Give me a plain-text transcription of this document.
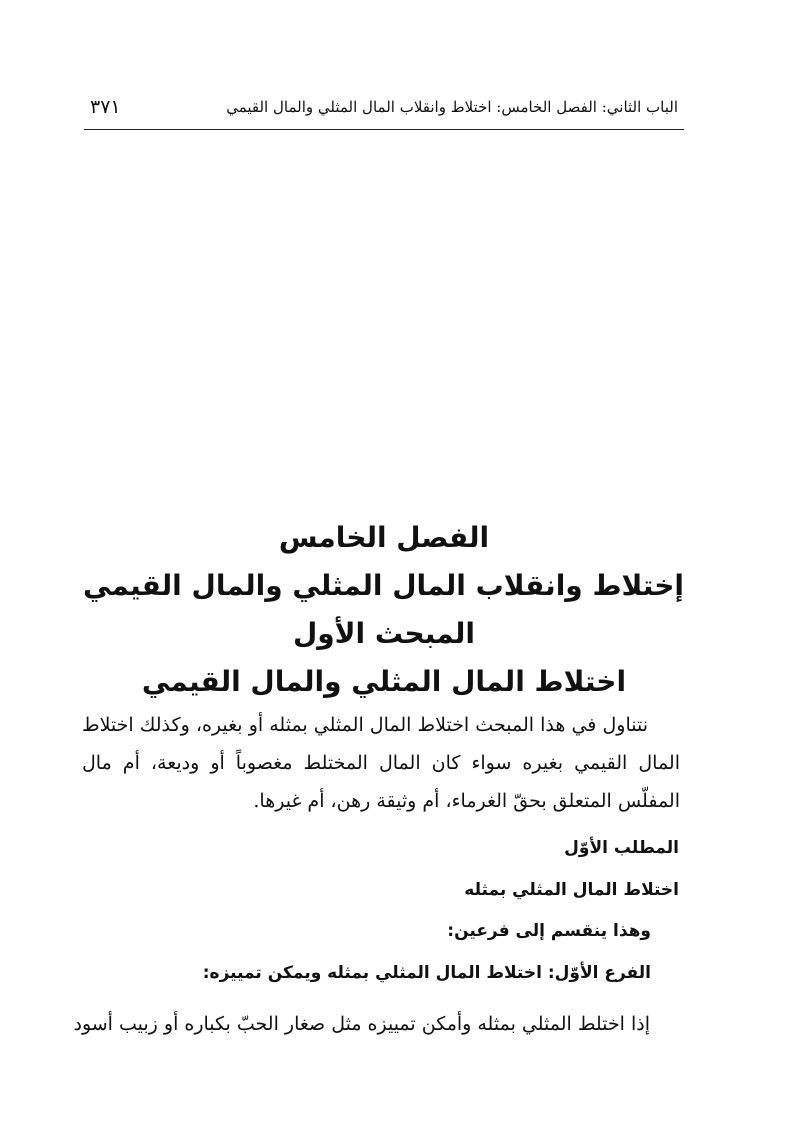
الباب الثاني: الفصل الخامس: اختلاط وانقلاب المال المثلي والمال القيمي
٣٧١
الفصل الخامس
إختلاط وانقلاب المال المثلي والمال القيمي
المبحث الأول
اختلاط المال المثلي والمال القيمي
نتناول في هذا المبحث اختلاط المال المثلي بمثله أو بغيره، وكذلك اختلاط المال القيمي بغيره سواء كان المال المختلط مغصوباً أو وديعة، أم مال المفلّس المتعلق بحقّ الغرماء، أم وثيقة رهن، أم غيرها.
المطلب الأوّل
اختلاط المال المثلي بمثله
وهذا ينقسم إلى فرعين:
الفرع الأوّل: اختلاط المال المثلي بمثله ويمكن تمييزه:
إذا اختلط المثلي بمثله وأمكن تمييزه مثل صغار الحبّ بكباره أو زبيب أسود
